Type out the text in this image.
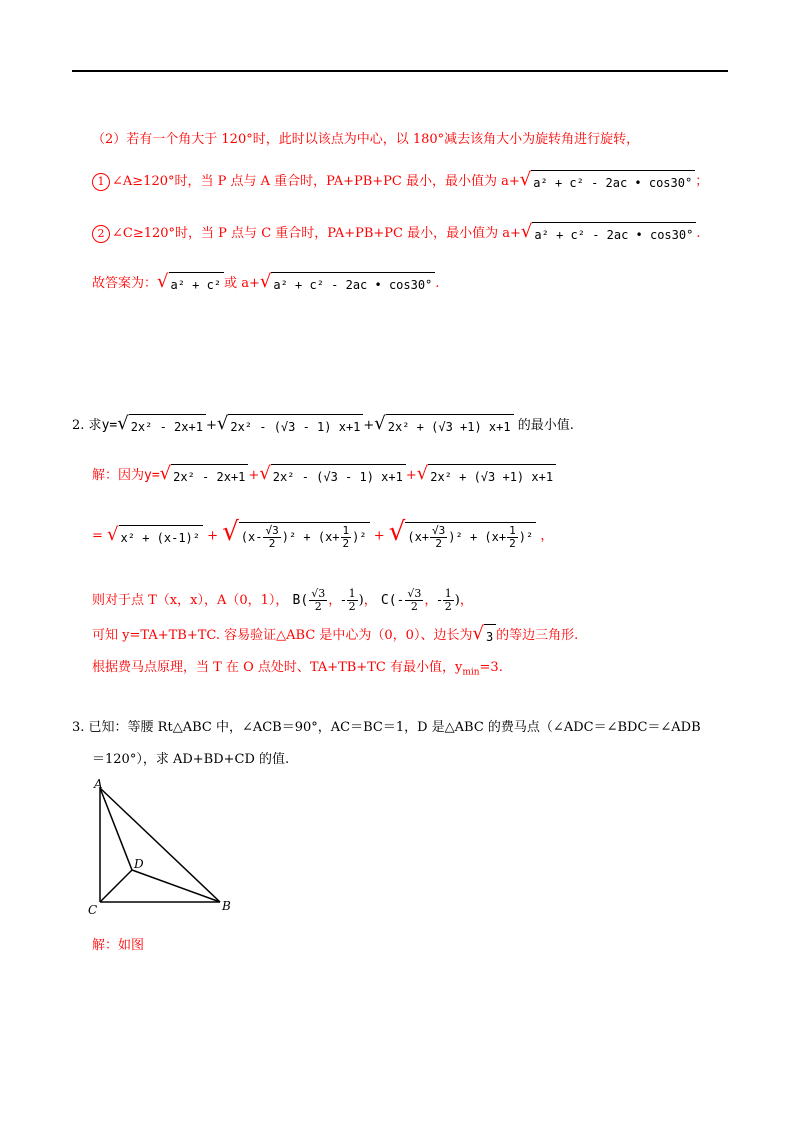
（2）若有一个角大于 120°时，此时以该点为中心，以 180°减去该角大小为旋转角进行旋转，
1 ∠A≥120°时，当 P 点与 A 重合时，PA+PB+PC 最小，最小值为 a+ √ a² + c² - 2ac • cos30° ；
2 ∠C≥120°时，当 P 点与 C 重合时，PA+PB+PC 最小，最小值为 a+ √ a² + c² - 2ac • cos30° .
故答案为： √ a² + c² 或 a+ √ a² + c² - 2ac • cos30° .
2. 求y= √ 2x² - 2x+1 + √ 2x² - (√3 - 1) x+1 + √ 2x² + (√3 +1) x+1 的最小值.
解：因为y= √ 2x² - 2x+1 + √ 2x² - (√3 - 1) x+1 + √ 2x² + (√3 +1) x+1
= √ x² + (x-1)² + √ $(x- \frac{√3}{2} )^2 + (x+ \frac{1}{2} )^2$ + √ $(x+ \frac{√3}{2} )^2 + (x+ \frac{1}{2} )^2$ ，
则对于点 T（x，x），A（0，1）， $B( \frac{√3}{2}$ ，- $\frac{1}{2}$ )， $C(- \frac{√3}{2}$ ，- $\frac{1}{2}$ )，
可知 y=TA+TB+TC. 容易验证△ABC 是中心为（0，0）、边长为 √ 3 的等边三角形.
根据费马点原理，当 T 在 O 点处时、TA+TB+TC 有最小值，$y_{min}=3$.
3. 已知：等腰 Rt△ABC 中，∠ACB＝90°，AC＝BC＝1，D 是△ABC 的费马点（∠ADC＝∠BDC＝∠ADB
＝120°），求 AD+BD+CD 的值.
A
C	B
D
解：如图
